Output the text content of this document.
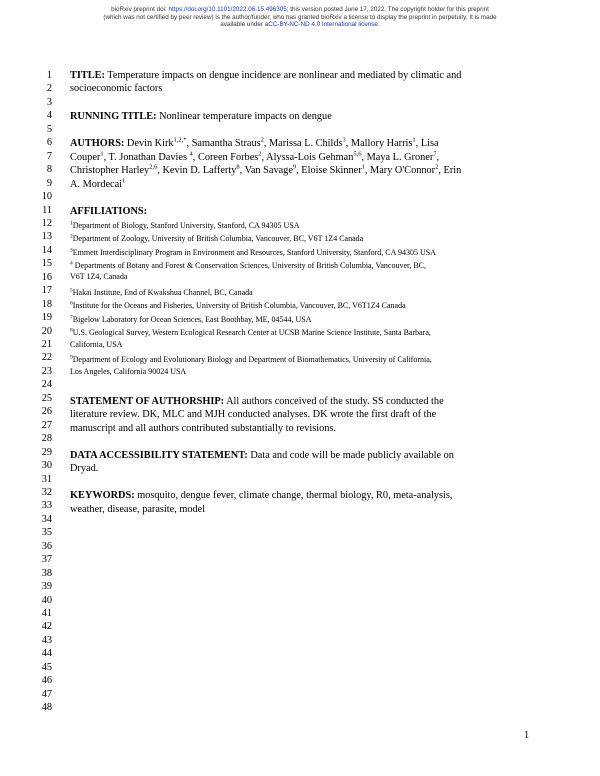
bioRxiv preprint doi: https://doi.org/10.1101/2022.06.15.496305; this version posted June 17, 2022. The copyright holder for this preprint
(which was not certified by peer review) is the author/funder, who has granted bioRxiv a license to display the preprint in perpetuity. It is made
available under aCC-BY-NC-ND 4.0 International license.
1
2
3
4
5
6
7
8
9
10
11
12
13
14
15
16
17
18
19
20
21
22
23
24
25
26
27
28
29
30
31
32
33
34
35
36
37
38
39
40
41
42
43
44
45
46
47
48
TITLE: Temperature impacts on dengue incidence are nonlinear and mediated by climatic and
socioeconomic factors
RUNNING TITLE: Nonlinear temperature impacts on dengue
AUTHORS: Devin Kirk$^{1,2,*}$, Samantha Straus$^2$, Marissa L. Childs$^3$, Mallory Harris$^1$, Lisa
Couper$^1$, T. Jonathan Davies $^4$, Coreen Forbes$^2$, Alyssa-Lois Gehman$^{5,6}$, Maya L. Groner$^7$,
Christopher Harley$^{2,6}$, Kevin D. Lafferty$^8$, Van Savage$^9$, Eloise Skinner$^1$, Mary O'Connor$^2$, Erin
A. Mordecai$^1$
AFFILIATIONS:
$^1$Department of Biology, Stanford University, Stanford, CA 94305 USA
$^2$Department of Zoology, University of British Columbia, Vancouver, BC, V6T 1Z4 Canada
$^3$Emmett Interdisciplinary Program in Environment and Resources, Stanford University, Stanford, CA 94305 USA
$^4$ Departments of Botany and Forest & Conservation Sciences, University of British Columbia, Vancouver, BC,
V6T 1Z4, Canada
$^5$Hakai Institute, End of Kwakshua Channel, BC, Canada
$^6$Institute for the Oceans and Fisheries, University of British Columbia, Vancouver, BC, V6T1Z4 Canada
$^7$Bigelow Laboratory for Ocean Sciences, East Boothbay, ME, 04544, USA
$^8$U.S. Geological Survey, Western Ecological Research Center at UCSB Marine Science Institute, Santa Barbara,
California, USA
$^9$Department of Ecology and Evolutionary Biology and Department of Biomathematics, University of California,
Los Angeles, California 90024 USA
STATEMENT OF AUTHORSHIP: All authors conceived of the study. SS conducted the
literature review. DK, MLC and MJH conducted analyses. DK wrote the first draft of the
manuscript and all authors contributed substantially to revisions.
DATA ACCESSIBILITY STATEMENT: Data and code will be made publicly available on
Dryad.
KEYWORDS: mosquito, dengue fever, climate change, thermal biology, R0, meta-analysis,
weather, disease, parasite, model
1
